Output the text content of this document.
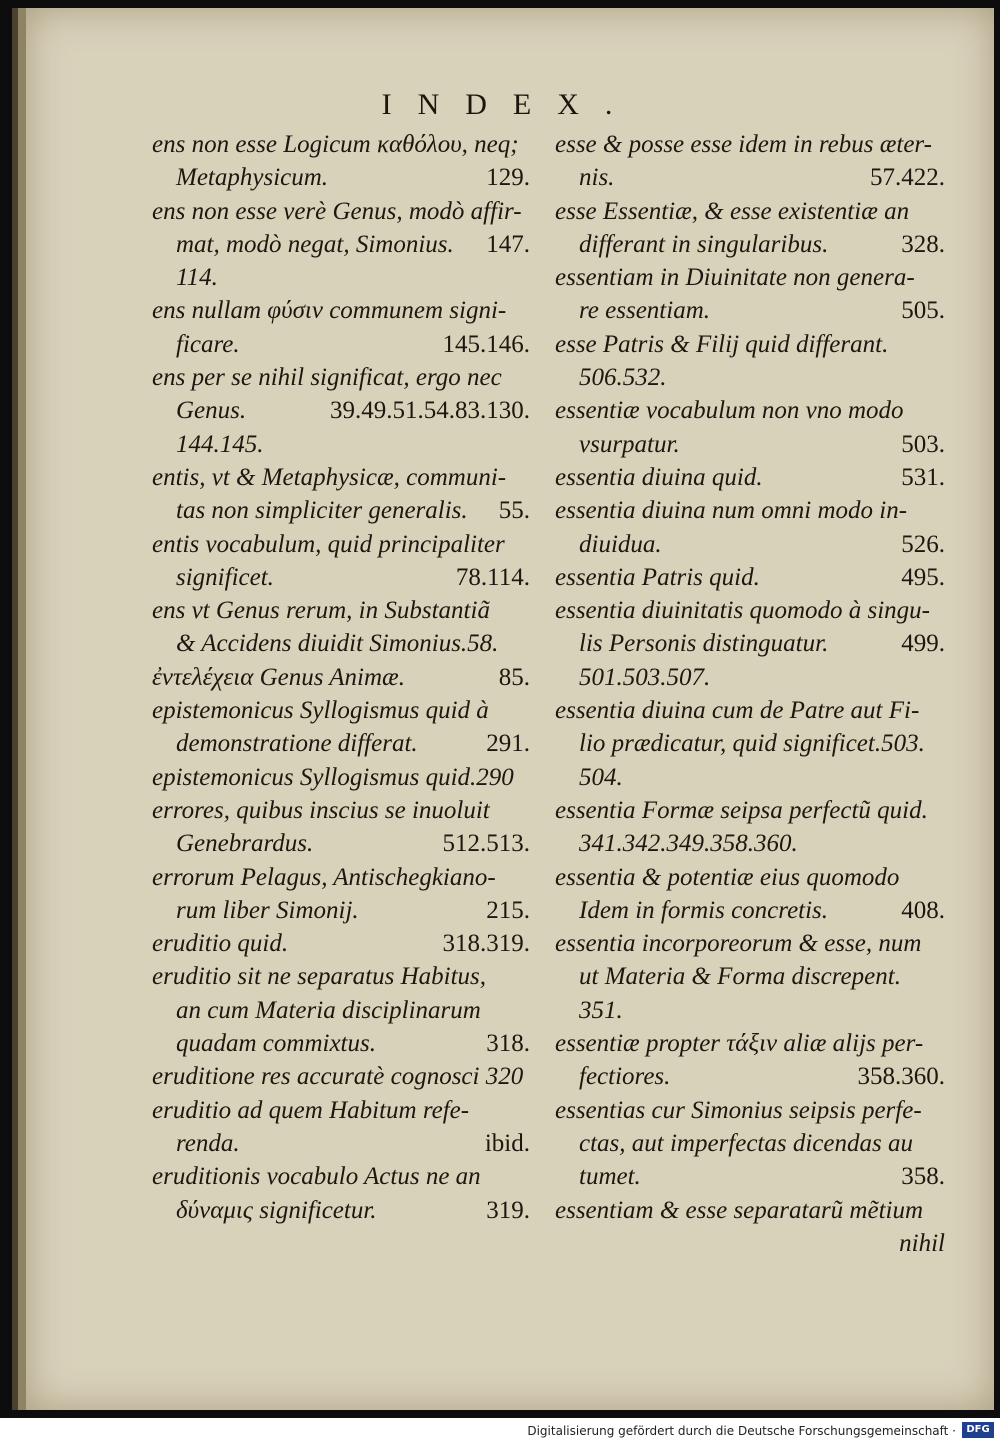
INDEX.
ens non esse Logicum καθόλου, neq;
Metaphysicum.	129.
ens non esse verè Genus, modò affir-
mat, modò negat, Simonius. 147.
114.
ens nullam φύσιν communem signi-
ficare.	145.146.
ens per se nihil significat, ergo nec
Genus.	39.49.51.54.83.130.
144.145.
entis, vt & Metaphysicæ, communi-
tas non simpliciter generalis. 55.
entis vocabulum, quid principaliter
significet.	78.114.
ens vt Genus rerum, in Substantiã
& Accidens diuidit Simonius.58.
ἐντελέχεια Genus Animæ.	85.
epistemonicus Syllogismus quid à
demonstratione differat.	291.
epistemonicus Syllogismus quid.290
errores, quibus inscius se inuoluit
Genebrardus.	512.513.
errorum Pelagus, Antischegkiano-
rum liber Simonij.	215.
eruditio quid.	318.319.
eruditio sit ne separatus Habitus,
an cum Materia disciplinarum
quadam commixtus.	318.
eruditione res accuratè cognosci 320
eruditio ad quem Habitum refe-
renda.	ibid.
eruditionis vocabulo Actus ne an
δύναμις significetur.	319.
esse & posse esse idem in rebus æter-
nis.	57.422.
esse Essentiæ, & esse existentiæ an
differant in singularibus.	328.
essentiam in Diuinitate non genera-
re essentiam.	505.
esse Patris & Filij quid differant.
506.532.
essentiæ vocabulum non vno modo
vsurpatur.	503.
essentia diuina quid.	531.
essentia diuina num omni modo in-
diuidua.	526.
essentia Patris quid.	495.
essentia diuinitatis quomodo à singu-
lis Personis distinguatur.	499.
501.503.507.
essentia diuina cum de Patre aut Fi-
lio prædicatur, quid significet.503.
504.
essentia Formæ seipsa perfectũ quid.
341.342.349.358.360.
essentia & potentiæ eius quomodo
Idem in formis concretis.	408.
essentia incorporeorum & esse, num
ut Materia & Forma discrepent.
351.
essentiæ propter τάξιν aliæ alijs per-
fectiores.	358.360.
essentias cur Simonius seipsis perfe-
ctas, aut imperfectas dicendas au
tumet.	358.
essentiam & esse separatarũ mẽtium
nihil
Digitalisierung gefördert durch die Deutsche Forschungsgemeinschaft ·	DFG
